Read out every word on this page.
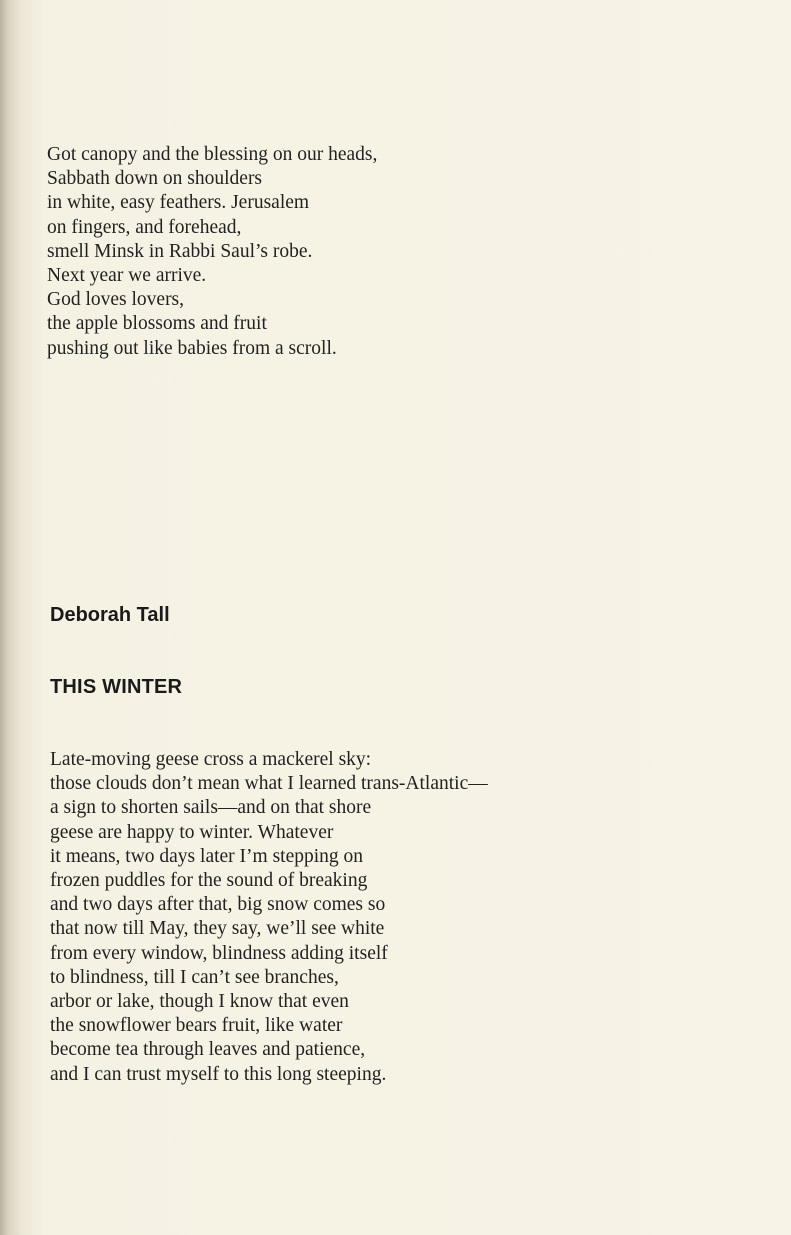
Got canopy and the blessing on our heads,
Sabbath down on shoulders
in white, easy feathers. Jerusalem
on fingers, and forehead,
smell Minsk in Rabbi Saul’s robe.
Next year we arrive.
God loves lovers,
the apple blossoms and fruit
pushing out like babies from a scroll.
Deborah Tall
THIS WINTER
Late-moving geese cross a mackerel sky:
those clouds don’t mean what I learned trans-Atlantic—
a sign to shorten sails—and on that shore
geese are happy to winter. Whatever
it means, two days later I’m stepping on
frozen puddles for the sound of breaking
and two days after that, big snow comes so
that now till May, they say, we’ll see white
from every window, blindness adding itself
to blindness, till I can’t see branches,
arbor or lake, though I know that even
the snowflower bears fruit, like water
become tea through leaves and patience,
and I can trust myself to this long steeping.
